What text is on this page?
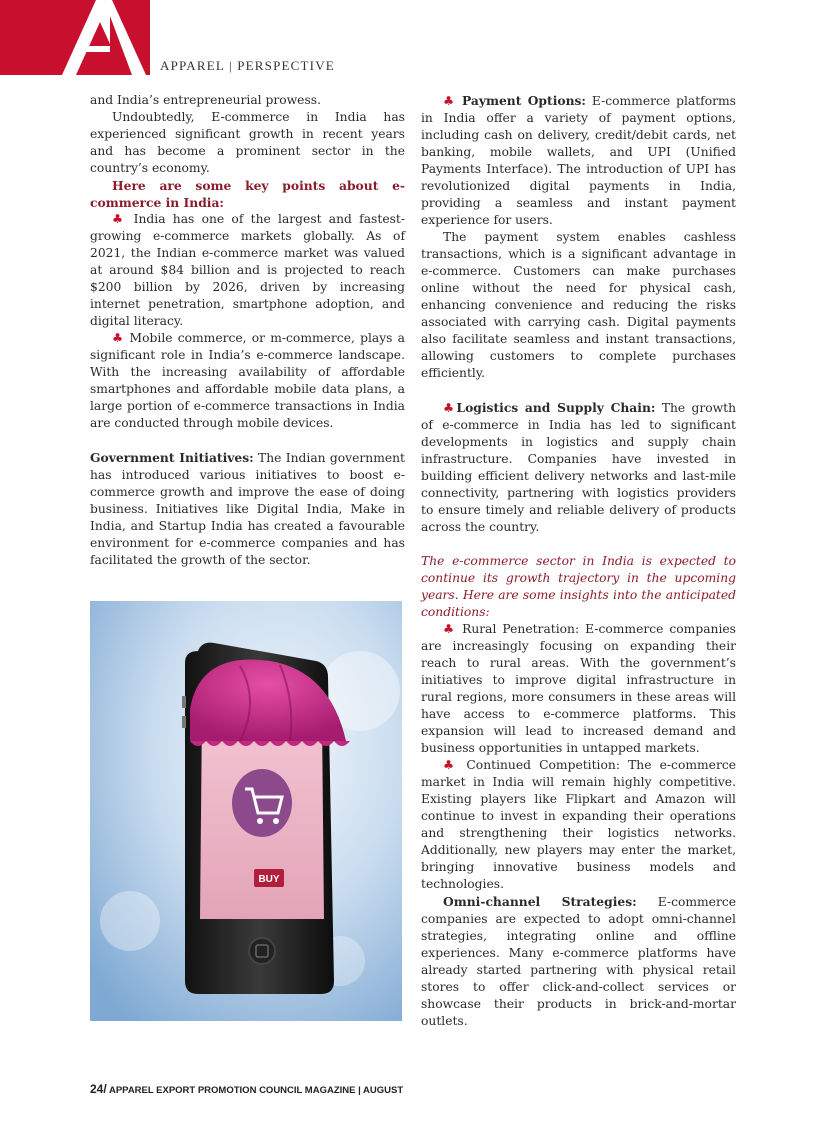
APPAREL | PERSPECTIVE

and India’s entrepreneurial prowess.

Undoubtedly, E-commerce in India has experienced significant growth in recent years and has become a prominent sector in the country’s economy.

Here are some key points about e-commerce in India:

♣ India has one of the largest and fastest-growing e-commerce markets globally. As of 2021, the Indian e-commerce market was valued at around $84 billion and is projected to reach $200 billion by 2026, driven by increasing internet penetration, smartphone adoption, and digital literacy.

♣ Mobile commerce, or m-commerce, plays a significant role in India’s e-commerce landscape. With the increasing availability of affordable smartphones and affordable mobile data plans, a large portion of e-commerce transactions in India are conducted through mobile devices.

Government Initiatives: The Indian government has introduced various initiatives to boost e-commerce growth and improve the ease of doing business. Initiatives like Digital India, Make in India, and Startup India has created a favourable environment for e-commerce companies and has facilitated the growth of the sector.

BUY

♣ Payment Options: E-commerce platforms in India offer a variety of payment options, including cash on delivery, credit/debit cards, net banking, mobile wallets, and UPI (Unified Payments Interface). The introduction of UPI has revolutionized digital payments in India, providing a seamless and instant payment experience for users.

The payment system enables cashless transactions, which is a significant advantage in e-commerce. Customers can make purchases online without the need for physical cash, enhancing convenience and reducing the risks associated with carrying cash. Digital payments also facilitate seamless and instant transactions, allowing customers to complete purchases efficiently.

♣Logistics and Supply Chain: The growth of e-commerce in India has led to significant developments in logistics and supply chain infrastructure. Companies have invested in building efficient delivery networks and last-mile connectivity, partnering with logistics providers to ensure timely and reliable delivery of products across the country.

The e-commerce sector in India is expected to continue its growth trajectory in the upcoming years. Here are some insights into the anticipated conditions:

♣ Rural Penetration: E-commerce companies are increasingly focusing on expanding their reach to rural areas. With the government’s initiatives to improve digital infrastructure in rural regions, more consumers in these areas will have access to e-commerce platforms. This expansion will lead to increased demand and business opportunities in untapped markets.

♣ Continued Competition: The e-commerce market in India will remain highly competitive. Existing players like Flipkart and Amazon will continue to invest in expanding their operations and strengthening their logistics networks. Additionally, new players may enter the market, bringing innovative business models and technologies.

Omni-channel Strategies: E-commerce companies are expected to adopt omni-channel strategies, integrating online and offline experiences. Many e-commerce platforms have already started partnering with physical retail stores to offer click-and-collect services or showcase their products in brick-and-mortar outlets.

24/ APPAREL EXPORT PROMOTION COUNCIL MAGAZINE | AUGUST
